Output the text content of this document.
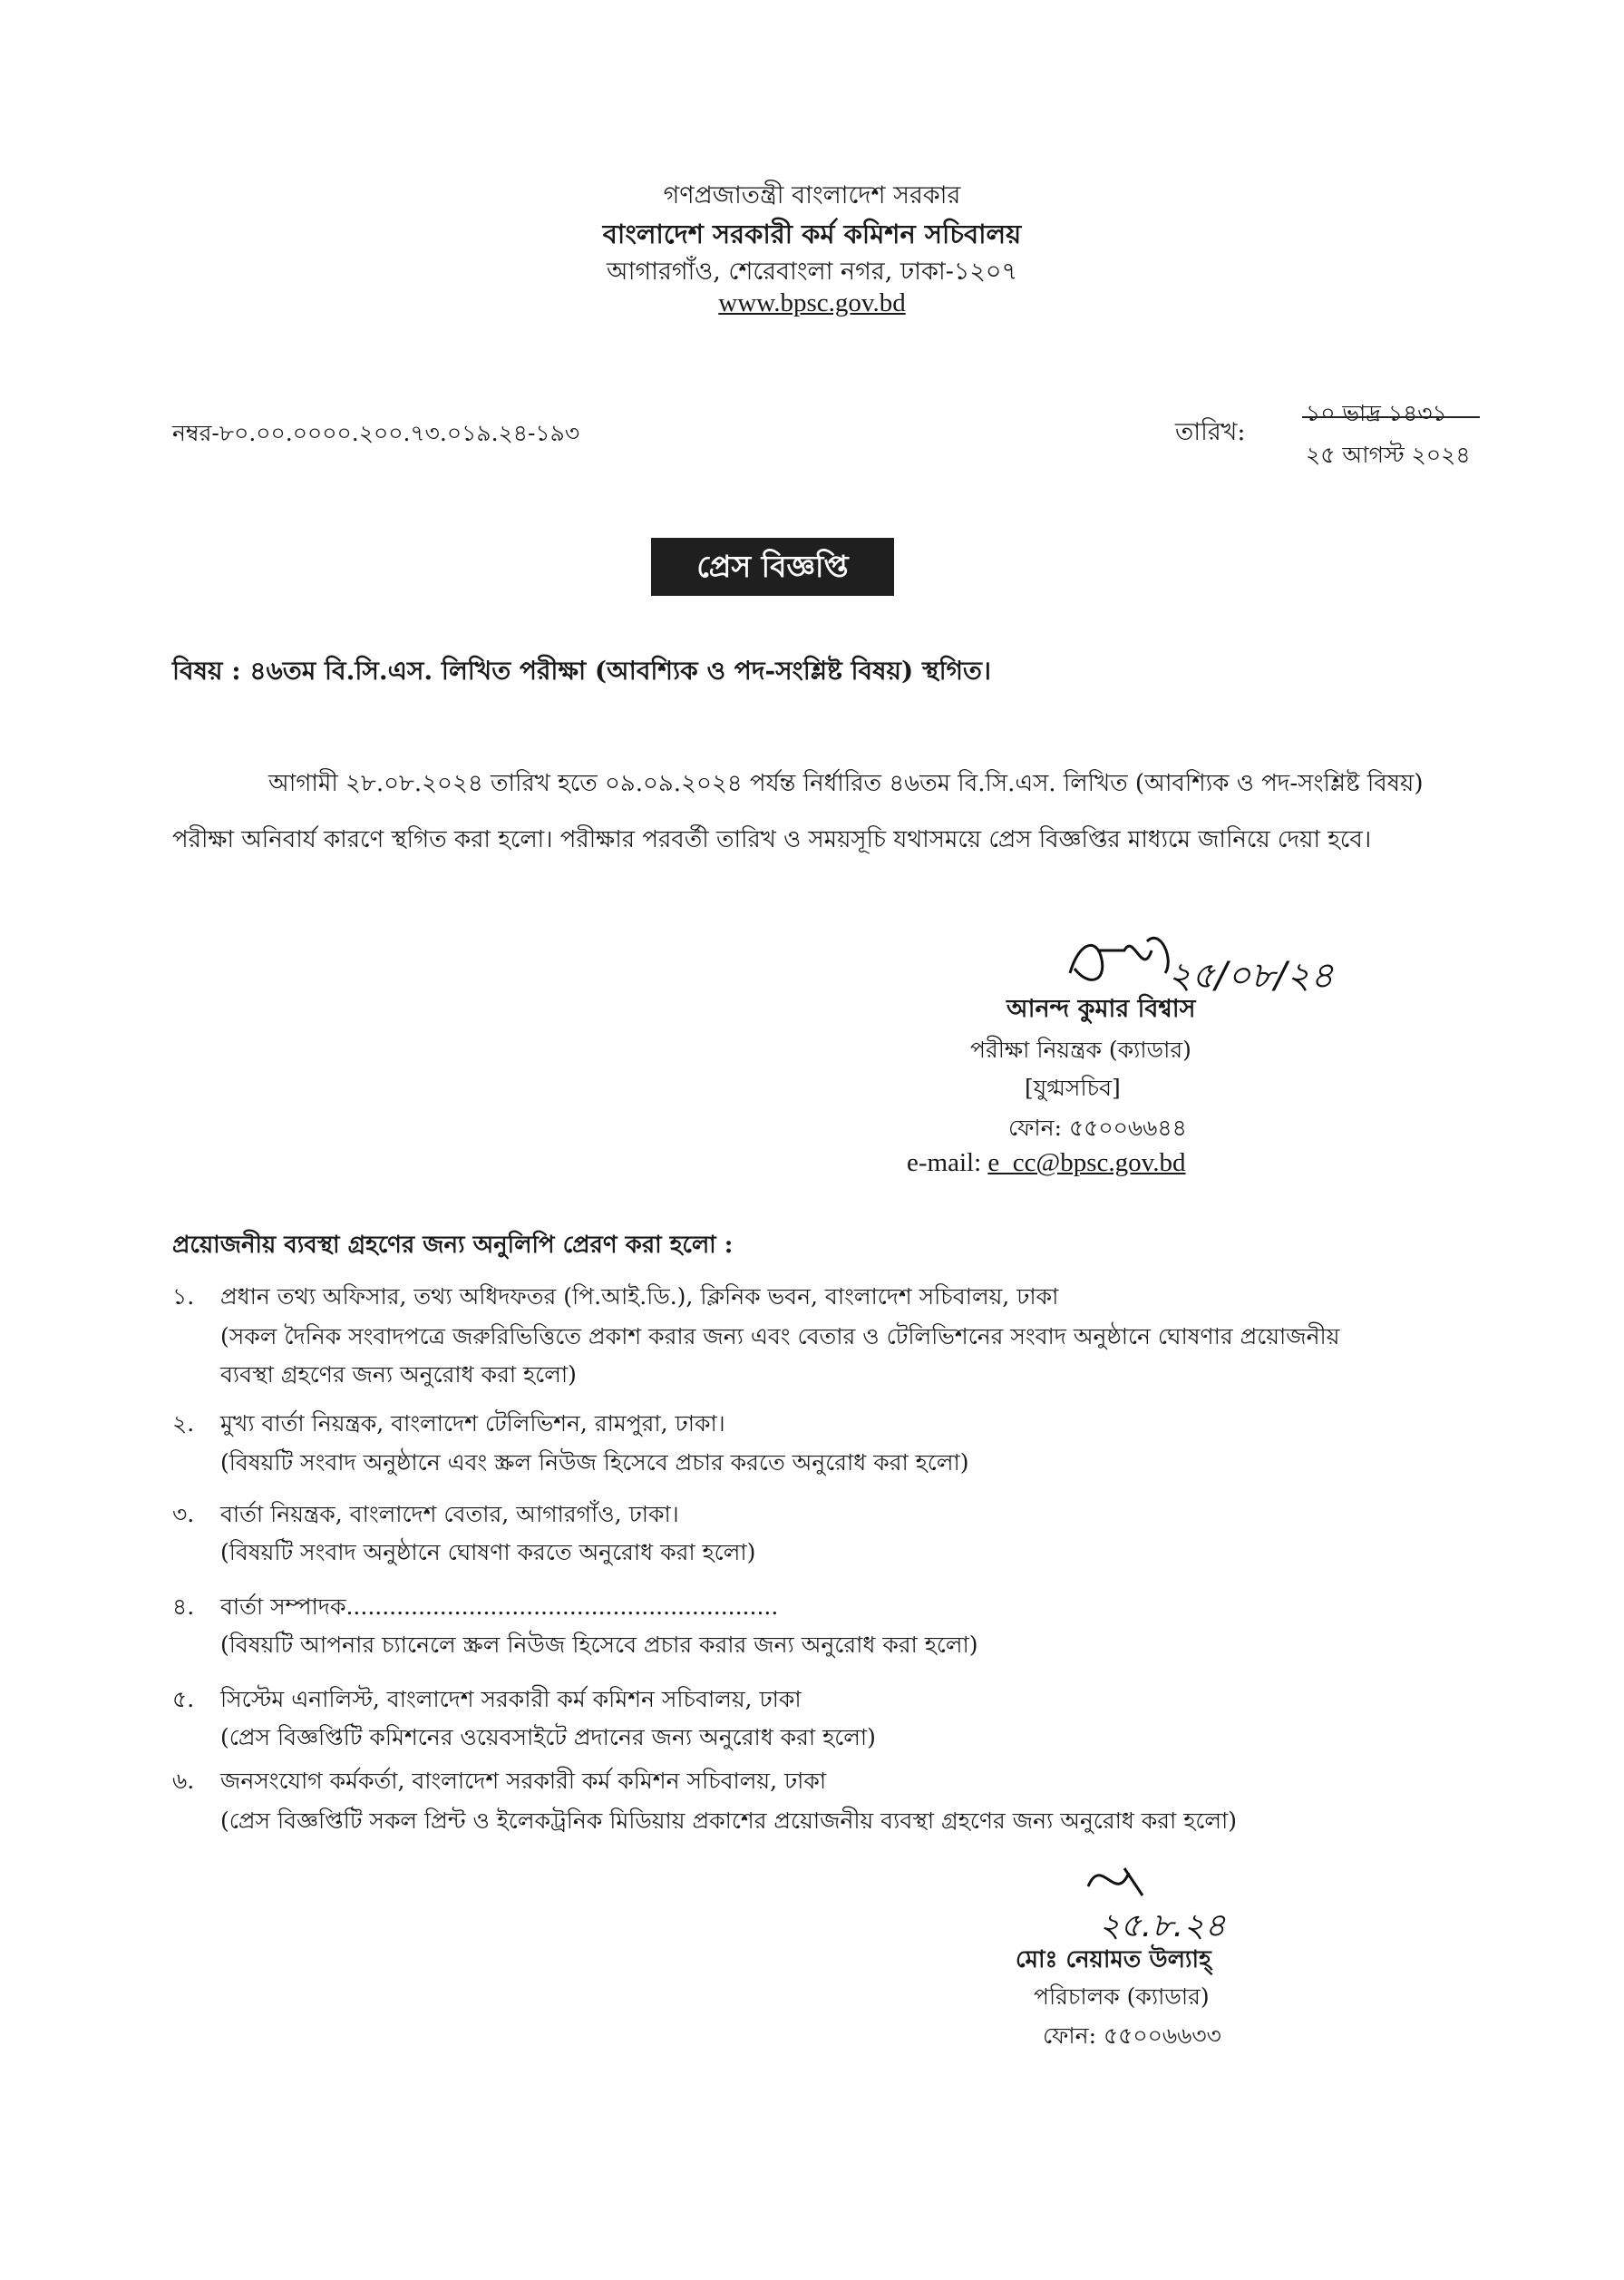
গণপ্রজাতন্ত্রী বাংলাদেশ সরকার
বাংলাদেশ সরকারী কর্ম কমিশন সচিবালয়
আগারগাঁও, শেরেবাংলা নগর, ঢাকা-১২০৭
www.bpsc.gov.bd
নম্বর-৮০.০০.০০০০.২০০.৭৩.০১৯.২৪-১৯৩	তারিখ:
১০ ভাদ্র ১৪৩১
২৫ আগস্ট ২০২৪
প্রেস বিজ্ঞপ্তি
বিষয় : ৪৬তম বি.সি.এস. লিখিত পরীক্ষা (আবশ্যিক ও পদ-সংশ্লিষ্ট বিষয়) স্থগিত।
আগামী ২৮.০৮.২০২৪ তারিখ হতে ০৯.০৯.২০২৪ পর্যন্ত নির্ধারিত ৪৬তম বি.সি.এস. লিখিত (আবশ্যিক ও পদ-সংশ্লিষ্ট বিষয়)
পরীক্ষা অনিবার্য কারণে স্থগিত করা হলো। পরীক্ষার পরবর্তী তারিখ ও সময়সূচি যথাসময়ে প্রেস বিজ্ঞপ্তির মাধ্যমে জানিয়ে দেয়া হবে।
২৫/০৮/২৪
আনন্দ কুমার বিশ্বাস
পরীক্ষা নিয়ন্ত্রক (ক্যাডার)
[যুগ্মসচিব]
ফোন: ৫৫০০৬৬৪৪
e-mail: e_cc@bpsc.gov.bd
প্রয়োজনীয় ব্যবস্থা গ্রহণের জন্য অনুলিপি প্রেরণ করা হলো :
১. প্রধান তথ্য অফিসার, তথ্য অধিদফতর (পি.আই.ডি.), ক্লিনিক ভবন, বাংলাদেশ সচিবালয়, ঢাকা
(সকল দৈনিক সংবাদপত্রে জরুরিভিত্তিতে প্রকাশ করার জন্য এবং বেতার ও টেলিভিশনের সংবাদ অনুষ্ঠানে ঘোষণার প্রয়োজনীয়
ব্যবস্থা গ্রহণের জন্য অনুরোধ করা হলো)
২. মুখ্য বার্তা নিয়ন্ত্রক, বাংলাদেশ টেলিভিশন, রামপুরা, ঢাকা।
(বিষয়টি সংবাদ অনুষ্ঠানে এবং স্ক্রল নিউজ হিসেবে প্রচার করতে অনুরোধ করা হলো)
৩. বার্তা নিয়ন্ত্রক, বাংলাদেশ বেতার, আগারগাঁও, ঢাকা।
(বিষয়টি সংবাদ অনুষ্ঠানে ঘোষণা করতে অনুরোধ করা হলো)
৪. বার্তা সম্পাদক............................................................
(বিষয়টি আপনার চ্যানেলে স্ক্রল নিউজ হিসেবে প্রচার করার জন্য অনুরোধ করা হলো)
৫. সিস্টেম এনালিস্ট, বাংলাদেশ সরকারী কর্ম কমিশন সচিবালয়, ঢাকা
(প্রেস বিজ্ঞপ্তিটি কমিশনের ওয়েবসাইটে প্রদানের জন্য অনুরোধ করা হলো)
৬. জনসংযোগ কর্মকর্তা, বাংলাদেশ সরকারী কর্ম কমিশন সচিবালয়, ঢাকা
(প্রেস বিজ্ঞপ্তিটি সকল প্রিন্ট ও ইলেকট্রনিক মিডিয়ায় প্রকাশের প্রয়োজনীয় ব্যবস্থা গ্রহণের জন্য অনুরোধ করা হলো)
২৫.৮.২৪
মোঃ নেয়ামত উল্যাহ্
পরিচালক (ক্যাডার)
ফোন: ৫৫০০৬৬৩৩
